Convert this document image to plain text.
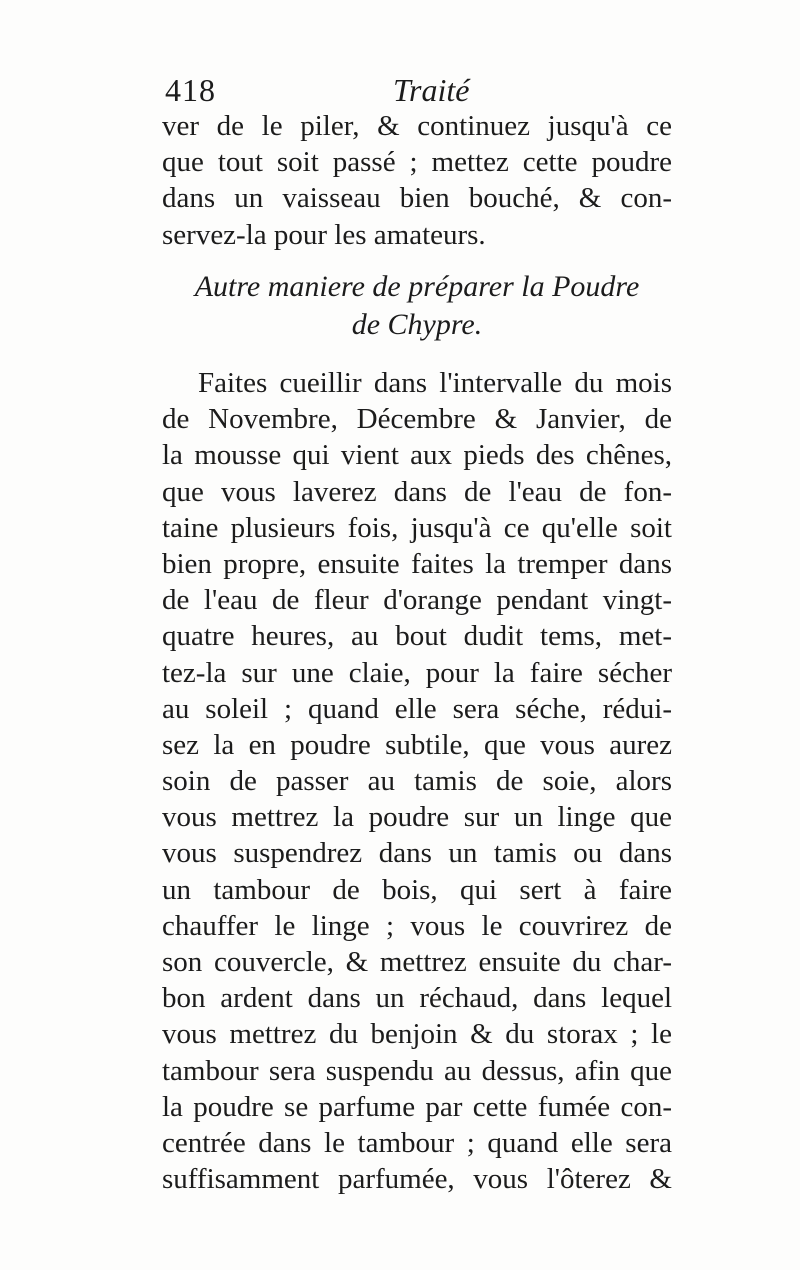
418	Traité
ver de le piler, & continuez jusqu'à ce
que tout soit passé ; mettez cette poudre
dans un vaisseau bien bouché, & con-
servez-la pour les amateurs.
Autre maniere de préparer la Poudre
de Chypre.
Faites cueillir dans l'intervalle du mois
de Novembre, Décembre & Janvier, de
la mousse qui vient aux pieds des chênes,
que vous laverez dans de l'eau de fon-
taine plusieurs fois, jusqu'à ce qu'elle soit
bien propre, ensuite faites la tremper dans
de l'eau de fleur d'orange pendant vingt-
quatre heures, au bout dudit tems, met-
tez-la sur une claie, pour la faire sécher
au soleil ; quand elle sera séche, rédui-
sez la en poudre subtile, que vous aurez
soin de passer au tamis de soie, alors
vous mettrez la poudre sur un linge que
vous suspendrez dans un tamis ou dans
un tambour de bois, qui sert à faire
chauffer le linge ; vous le couvrirez de
son couvercle, & mettrez ensuite du char-
bon ardent dans un réchaud, dans lequel
vous mettrez du benjoin & du storax ; le
tambour sera suspendu au dessus, afin que
la poudre se parfume par cette fumée con-
centrée dans le tambour ; quand elle sera
suffisamment parfumée, vous l'ôterez &
